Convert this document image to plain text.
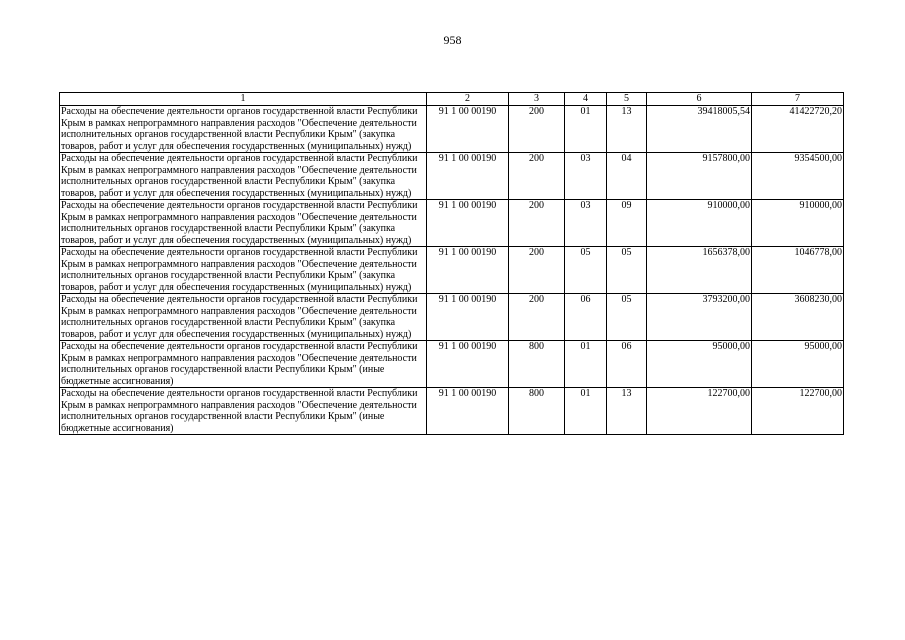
958
1	2	3	4	5	6	7
Расходы на обеспечение деятельности органов государственной власти Республики Крым в рамках непрограммного направления расходов "Обеспечение деятельности исполнительных органов государственной власти Республики Крым" (закупка товаров, работ и услуг для обеспечения государственных (муниципальных) нужд)	91 1 00 00190	200	01	13	39418005,54	41422720,20
Расходы на обеспечение деятельности органов государственной власти Республики Крым в рамках непрограммного направления расходов "Обеспечение деятельности исполнительных органов государственной власти Республики Крым" (закупка товаров, работ и услуг для обеспечения государственных (муниципальных) нужд)	91 1 00 00190	200	03	04	9157800,00	9354500,00
Расходы на обеспечение деятельности органов государственной власти Республики Крым в рамках непрограммного направления расходов "Обеспечение деятельности исполнительных органов государственной власти Республики Крым" (закупка товаров, работ и услуг для обеспечения государственных (муниципальных) нужд)	91 1 00 00190	200	03	09	910000,00	910000,00
Расходы на обеспечение деятельности органов государственной власти Республики Крым в рамках непрограммного направления расходов "Обеспечение деятельности исполнительных органов государственной власти Республики Крым" (закупка товаров, работ и услуг для обеспечения государственных (муниципальных) нужд)	91 1 00 00190	200	05	05	1656378,00	1046778,00
Расходы на обеспечение деятельности органов государственной власти Республики Крым в рамках непрограммного направления расходов "Обеспечение деятельности исполнительных органов государственной власти Республики Крым" (закупка товаров, работ и услуг для обеспечения государственных (муниципальных) нужд)	91 1 00 00190	200	06	05	3793200,00	3608230,00
Расходы на обеспечение деятельности органов государственной власти Республики Крым в рамках непрограммного направления расходов "Обеспечение деятельности исполнительных органов государственной власти Республики Крым" (иные бюджетные ассигнования)	91 1 00 00190	800	01	06	95000,00	95000,00
Расходы на обеспечение деятельности органов государственной власти Республики Крым в рамках непрограммного направления расходов "Обеспечение деятельности исполнительных органов государственной власти Республики Крым" (иные бюджетные ассигнования)	91 1 00 00190	800	01	13	122700,00	122700,00
